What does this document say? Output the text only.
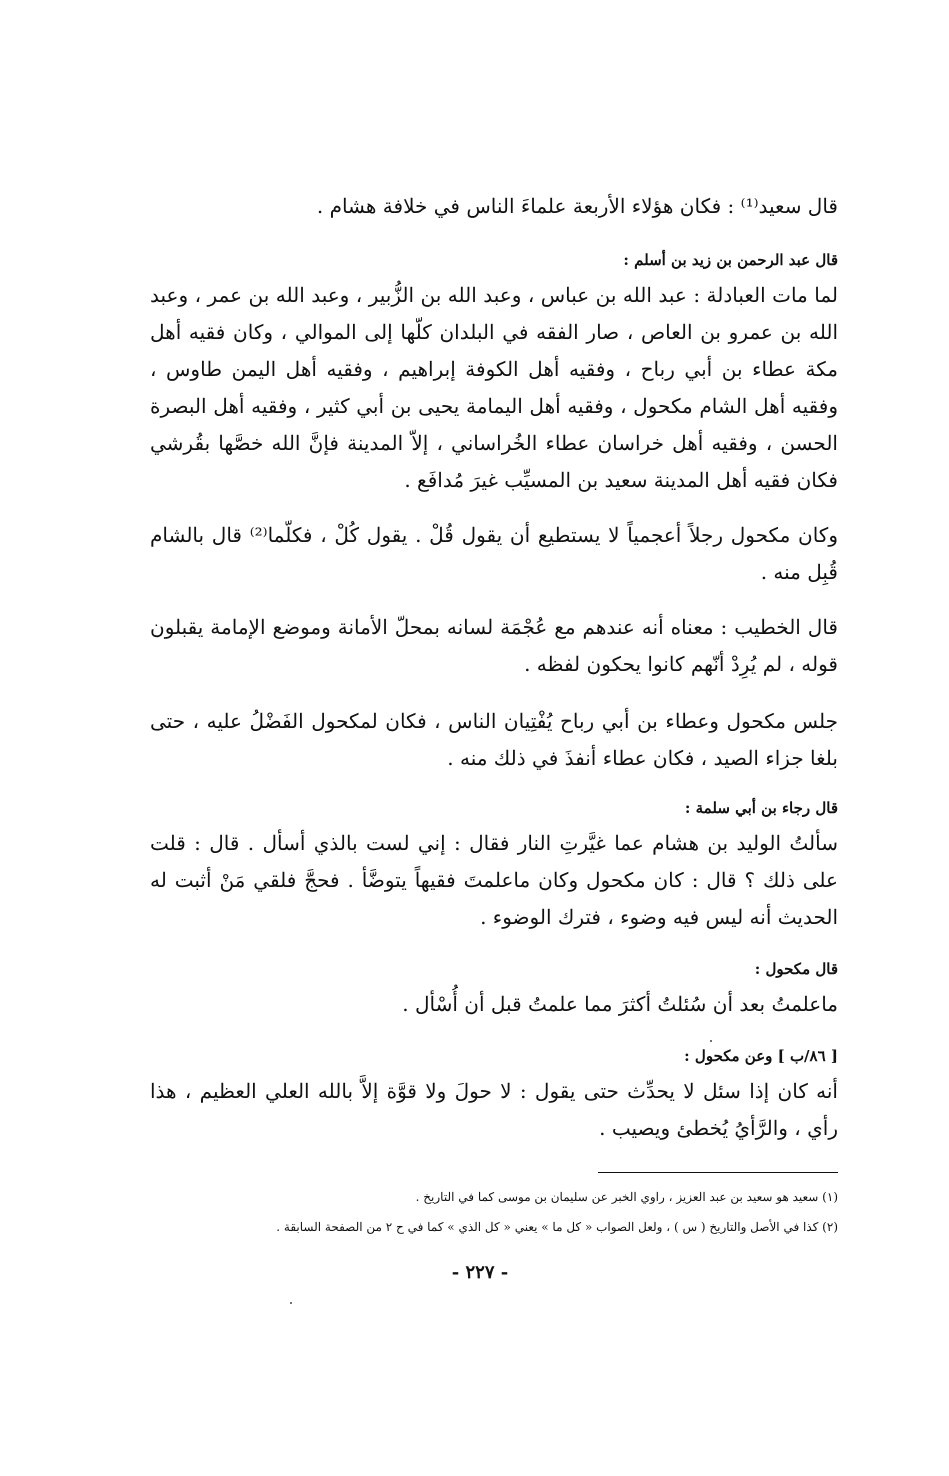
قال سعيد⁽¹⁾ : فكان هؤلاء الأربعة علماءَ الناس في خلافة هشام .

قال عبد الرحمن بن زيد بن أسلم :

لما مات العبادلة : عبد الله بن عباس ، وعبد الله بن الزُّبير ، وعبد الله بن عمر ، وعبد الله بن عمرو بن العاص ، صار الفقه في البلدان كلّها إلى الموالي ، وكان فقيه أهل مكة عطاء بن أبي رباح ، وفقيه أهل الكوفة إبراهيم ، وفقيه أهل اليمن طاوس ، وفقيه أهل الشام مكحول ، وفقيه أهل اليمامة يحيى بن أبي كثير ، وفقيه أهل البصرة الحسن ، وفقيه أهل خراسان عطاء الخُراساني ، إلاّ المدينة فإنَّ الله خصَّها بقُرشي فكان فقيه أهل المدينة سعيد بن المسيِّب غيرَ مُدافَع .

وكان مكحول رجلاً أعجمياً لا يستطيع أن يقول قُلْ . يقول كُلْ ، فكلّما⁽²⁾ قال بالشام قُبِل منه .

قال الخطيب : معناه أنه عندهم مع عُجْمَة لسانه بمحلّ الأمانة وموضع الإمامة يقبلون قوله ، لم يُرِدْ أنّهم كانوا يحكون لفظه .

جلس مكحول وعطاء بن أبي رباح يُفْتِيان الناس ، فكان لمكحول الفَضْلُ عليه ، حتى بلغا جزاء الصيد ، فكان عطاء أنفذَ في ذلك منه .

قال رجاء بن أبي سلمة :

سألتُ الوليد بن هشام عما غيَّرتِ النار فقال : إني لست بالذي أسأل . قال : قلت على ذلك ؟ قال : كان مكحول وكان ماعلمتَ فقيهاً يتوضَّأ . فحجَّ فلقي مَنْ أثبت له الحديث أنه ليس فيه وضوء ، فترك الوضوء .

قال مكحول :

ماعلمتُ بعد أن سُئلتُ أكثرَ مما علمتُ قبل أن أُسْأل .

[ ٨٦/ب ] وعن مكحول :

أنه كان إذا سئل لا يحدِّث حتى يقول : لا حولَ ولا قوَّة إلاَّ بالله العلي العظيم ، هذا رأي ، والرَّأيُ يُخطئ ويصيب .

(١) سعيد هو سعيد بن عبد العزيز ، راوي الخبر عن سليمان بن موسى كما في التاريخ .

(٢) كذا في الأصل والتاريخ ( س ) ، ولعل الصواب « كل ما » يعني « كل الذي » كما في ح ٢ من الصفحة السابقة .

- ٢٢٧ -
